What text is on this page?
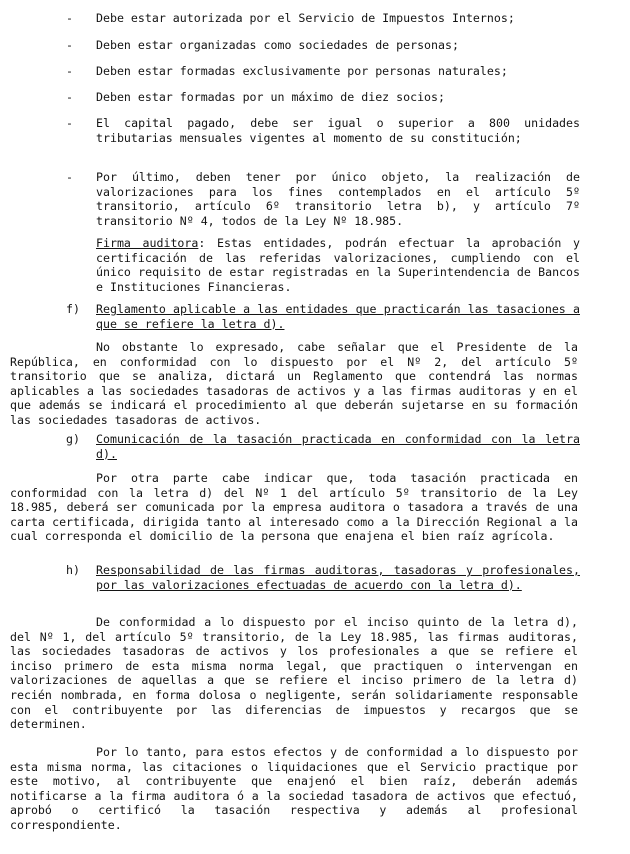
-	Debe estar autorizada por el Servicio de Impuestos Internos;
-	Deben estar organizadas como sociedades de personas;
-	Deben estar formadas exclusivamente por personas naturales;
-	Deben estar formadas por un máximo de diez socios;
-	El capital pagado, debe ser igual o superior a 800 unidades tributarias mensuales vigentes al momento de su constitución;
-	Por último, deben tener por único objeto, la realización de valorizaciones para los fines contemplados en el artículo 5º transitorio, artículo 6º transitorio letra b), y artículo 7º transitorio Nº 4, todos de la Ley Nº 18.985.
Firma auditora: Estas entidades, podrán efectuar la aprobación y certificación de las referidas valorizaciones, cumpliendo con el único requisito de estar registradas en la Superintendencia de Bancos e Instituciones Financieras.
f) Reglamento aplicable a las entidades que practicarán las tasaciones a que se refiere la letra d).
No obstante lo expresado, cabe señalar que el Presidente de la República, en conformidad con lo dispuesto por el Nº 2, del artículo 5º transitorio que se analiza, dictará un Reglamento que contendrá las normas aplicables a las sociedades tasadoras de activos y a las firmas auditoras y en el que además se indicará el procedimiento al que deberán sujetarse en su formación las sociedades tasadoras de activos.
g) Comunicación de la tasación practicada en conformidad con la letra d).
Por otra parte cabe indicar que, toda tasación practicada en conformidad con la letra d) del Nº 1 del artículo 5º transitorio de la Ley 18.985, deberá ser comunicada por la empresa auditora o tasadora a través de una carta certificada, dirigida tanto al interesado como a la Dirección Regional a la cual corresponda el domicilio de la persona que enajena el bien raíz agrícola.
h) Responsabilidad de las firmas auditoras, tasadoras y profesionales, por las valorizaciones efectuadas de acuerdo con la letra d).
De conformidad a lo dispuesto por el inciso quinto de la letra d), del Nº 1, del artículo 5º transitorio, de la Ley 18.985, las firmas auditoras, las sociedades tasadoras de activos y los profesionales a que se refiere el inciso primero de esta misma norma legal, que practiquen o intervengan en valorizaciones de aquellas a que se refiere el inciso primero de la letra d) recién nombrada, en forma dolosa o negligente, serán solidariamente responsable con el contribuyente por las diferencias de impuestos y recargos que se determinen.
Por lo tanto, para estos efectos y de conformidad a lo dispuesto por esta misma norma, las citaciones o liquidaciones que el Servicio practique por este motivo, al contribuyente que enajenó el bien raíz, deberán además notificarse a la firma auditora ó a la sociedad tasadora de activos que efectuó, aprobó o certificó la tasación respectiva y además al profesional correspondiente.
